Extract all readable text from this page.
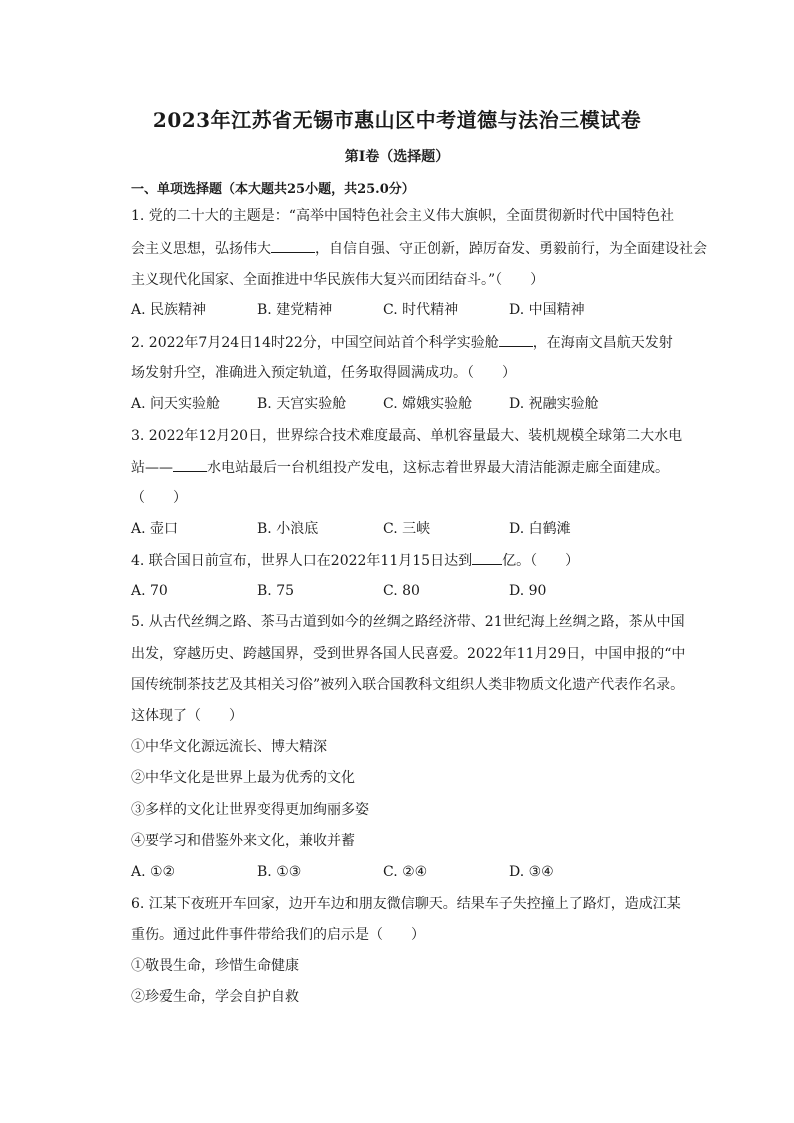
2023年江苏省无锡市惠山区中考道德与法治三模试卷
第Ⅰ卷（选择题）
一、单项选择题（本大题共25小题，共25.0分）
1. 党的二十大的主题是：“高举中国特色社会主义伟大旗帜，全面贯彻新时代中国特色社
会主义思想，弘扬伟大	，自信自强、守正创新，踔厉奋发、勇毅前行，为全面建设社会
主义现代化国家、全面推进中华民族伟大复兴而团结奋斗。”（　　）
A. 民族精神	B. 建党精神	C. 时代精神	D. 中国精神
2. 2022年7月24日14时22分，中国空间站首个科学实验舱 ，在海南文昌航天发射
场发射升空，准确进入预定轨道，任务取得圆满成功。（　　）
A. 问天实验舱	B. 天宫实验舱	C. 嫦娥实验舱	D. 祝融实验舱
3. 2022年12月20日，世界综合技术难度最高、单机容量最大、装机规模全球第二大水电
站—— 水电站最后一台机组投产发电，这标志着世界最大清洁能源走廊全面建成。
（　　）
A. 壶口	B. 小浪底	C. 三峡	D. 白鹤滩
4. 联合国日前宣布，世界人口在2022年11月15日达到 亿。（　　）
A. 70	B. 75	C. 80	D. 90
5. 从古代丝绸之路、茶马古道到如今的丝绸之路经济带、21世纪海上丝绸之路，茶从中国
出发，穿越历史、跨越国界，受到世界各国人民喜爱。2022年11月29日，中国申报的“中
国传统制茶技艺及其相关习俗”被列入联合国教科文组织人类非物质文化遗产代表作名录。
这体现了（　　）
①中华文化源远流长、博大精深
②中华文化是世界上最为优秀的文化
③多样的文化让世界变得更加绚丽多姿
④要学习和借鉴外来文化，兼收并蓄
A. ①②	B. ①③	C. ②④	D. ③④
6. 江某下夜班开车回家，边开车边和朋友微信聊天。结果车子失控撞上了路灯，造成江某
重伤。通过此件事件带给我们的启示是（　　）
①敬畏生命，珍惜生命健康
②珍爱生命，学会自护自救
